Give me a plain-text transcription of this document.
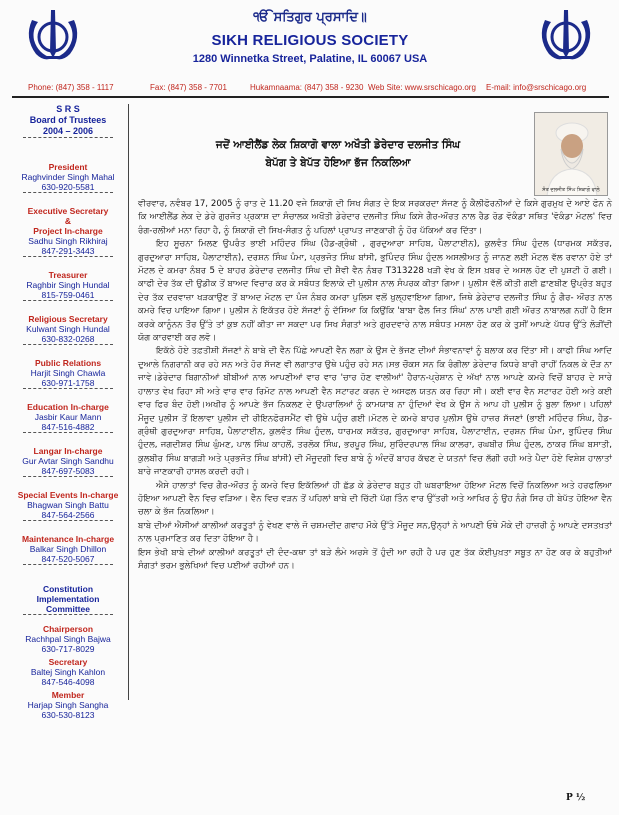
ੴ ਸਤਿਗੁਰ ਪ੍ਰਸਾਦਿ॥
SIKH RELIGIOUS SOCIETY
1280 Winnetka Street, Palatine, IL 60067 USA
Phone: (847) 358 - 1117	Fax: (847) 358 - 7701	Hukamnaama: (847) 358 - 9230 Web Site: www.srschicago.org E-mail: info@srschicago.org
S R S
Board of Trustees
2004 – 2006
President
Raghvinder Singh Mahal
630-920-5581
Executive Secretary
&
Project In-charge
Sadhu Singh Rikhiraj
847-291-3443
Treasurer
Raghbir Singh Hundal
815-759-0461
Religious Secretary
Kulwant Singh Hundal
630-832-0268
Public Relations
Harjit Singh Chawla
630-971-1758
Education In-charge
Jasbir Kaur Mann
847-516-4882
Langar In-charge
Gur Avtar Singh Sandhu
847-697-5083
Special Events In-charge
Bhagwan Singh Battu
847-564-2566
Maintenance In-charge
Balkar Singh Dhillon
847-520-5067
Constitution
Implementation
Committee
Chairperson
Rachhpal Singh Bajwa
630-717-8029
Secretary
Baltej Singh Kahlon
847-546-4098
Member
Harjap Singh Sangha
630-530-8123
ਜਦੋਂ ਆਈਲੈਂਡ ਲੇਕ ਸ਼ਿਕਾਗੋ ਵਾਲਾ ਅਖੌਤੀ ਡੇਰੇਦਾਰ ਦਲਜੀਤ ਸਿੰਘ
ਬੇਪੱਗ ਤੇ ਬੇਪੱਤ ਹੋਇਆ ਭੱਜ ਨਿਕਲਿਆ
ਸੰਤ ਦਲਜੀਤ ਸਿੰਘ ਸ਼ਿਕਾਗੋ ਵਾਲੇ

ਵੀਰਵਾਰ, ਨਵੰਬਰ 17, 2005 ਨੂੰ ਰਾਤ ਦੇ 11.20 ਵਜੇ ਸ਼ਿਕਾਗੋ ਦੀ ਸਿਖ ਸੰਗਤ ਦੇ ਇਕ ਸਰਕਰਦਾ ਸੱਜਣ ਨੂੰ ਕੈਲੀਫੋਰਨੀਆਂ ਦੇ ਕਿਸੇ ਗੁਰਮੁਖ ਦੇ ਆਏ ਫੋਨ ਨੇ ਕਿ ਆਈਲੈਂਡ ਲੇਕ ਦੇ ਡੇਰੇ ਗੁਰਜੋਤ ਪ੍ਰਕਾਸ਼ ਦਾ ਸੰਚਾਲਕ ਅਖੌਤੀ ਡੇਰੇਦਾਰ ਦਲਜੀਤ ਸਿੰਘ ਕਿਸੇ ਗੈਰ-ਔਰਤ ਨਾਲ ਰੈਡ ਰੋਡ ਵੋਕੰਡਾ ਸਥਿਤ 'ਵੋਕੰਡਾ ਮੋਟਲ' ਵਿਚ ਰੰਗ-ਰਲੀਆਂ ਮਨਾ ਰਿਹਾ ਹੈ, ਨੂੰ ਸ਼ਿਕਾਗੋ ਦੀ ਸਿਖ-ਸੰਗਤ ਨੂੰ ਪਹਿਲਾਂ ਪ੍ਰਾਪਤ ਜਾਣਕਾਰੀ ਨੂੰ ਹੋਰ ਪੱਕਿਆਂ ਕਰ ਦਿੱਤਾ।

ਇਹ ਸੂਚਨਾ ਮਿਲਣ ਉਪਰੰਤ ਭਾਈ ਮਹਿੰਦਰ ਸਿੰਘ (ਹੈਡ-ਗ੍ਰੰਥੀ , ਗੁਰਦੁਆਰਾ ਸਾਹਿਬ, ਪੈਲਾਟਾਈਨ), ਕੁਲਵੰਤ ਸਿੰਘ ਹੁੰਦਲ (ਧਾਰਮਕ ਸਕੱਤਰ, ਗੁਰਦੁਆਰਾ ਸਾਹਿਬ, ਪੈਲਾਟਾਈਨ), ਦਰਸ਼ਨ ਸਿੰਘ ਪੰਮਾ, ਪ੍ਰਭਜੋਤ ਸਿੰਘ ਬਾਂਸੀ, ਭੁਪਿੰਦਰ ਸਿੰਘ ਹੁੰਦਲ ਅਸਲੀਅਤ ਨੂੰ ਜਾਨਣ ਲਈ ਮੋਟਲ ਵੱਲ ਰਵਾਨਾ ਹੋਏ ਤਾਂ ਮੋਟਲ ਦੇ ਕਮਰਾ ਨੰਬਰ 5 ਦੇ ਬਾਹਰ ਡੇਰੇਦਾਰ ਦਲਜੀਤ ਸਿੰਘ ਦੀ ਸ਼ੈਵੀ ਵੈਨ ਨੰਬਰ T313228 ਖੜੀ ਵੇਖ ਕੇ ਇਸ ਖ਼ਬਰ ਦੇ ਅਸਲ ਹੋਣ ਦੀ ਪੁਸ਼ਟੀ ਹੋ ਗਈ।ਕਾਫੀ ਦੇਰ ਤੱਕ ਦੀ ਉਡੀਕ ਤੋਂ ਬਾਅਦ ਵਿਚਾਰ ਕਰ ਕੇ ਸਬੰਧਤ ਇਲਾਕੇ ਦੀ ਪੁਲੀਸ ਨਾਲ ਸੰਪਰਕ ਕੀਤਾ ਗਿਆ। ਪੁਲੀਸ ਵੱਲੋਂ ਕੀਤੀ ਗਈ ਛਾਣਬੀਣ ਉਪ੍ਰੰਤ ਬਹੁਤ ਦੇਰ ਤੱਕ ਦਰਵਾਜ਼ਾ ਖੜਕਾਉਣ ਤੋਂ ਬਾਅਦ ਮੋਟਲ ਦਾ ਪੰਜ ਨੰਬਰ ਕਮਰਾ ਪੁਲਿਸ ਵਲੋਂ ਖੁਲ੍ਹਵਾਇਆ ਗਿਆ, ਜਿਥੇ ਡੇਰੇਦਾਰ ਦਲਜੀਤ ਸਿੰਘ ਨੂੰ ਗੈਰ- ਔਰਤ ਨਾਲ ਕਮਰੇ ਵਿਚ ਪਾਇਆ ਗਿਆ। ਪੁਲੀਸ ਨੇ ਇਕੱਤਰ ਹੋਏ ਸੱਜਣਾਂ ਨੂੰ ਦੱਸਿਆ ਕਿ ਕਿਉਂਕਿ 'ਬਾਬਾ ਫੈਲ ਜਿਤ ਸਿੰਘ' ਨਾਲ ਪਾਈ ਗਈ ਔਰਤ ਨਾਬਾਲਗ ਨਹੀਂ ਹੈ ਇਸ ਕਰਕੇ ਕਾਨੂੰਨਨ ਤੌਰ ਉੱਤੇ ਤਾਂ ਕੁਝ ਨਹੀਂ ਕੀਤਾ ਜਾ ਸਕਦਾ ਪਰ ਸਿਖ ਸੰਗਤਾਂ ਅਤੇ ਗੁਰਦਵਾਰੇ ਨਾਲ ਸਬੰਧਤ ਮਸਲਾ ਹੋਣ ਕਰ ਕੇ ਤੁਸੀਂ ਆਪਣੇ ਪੱਧਰ ਉੱਤੇ ਲੋੜੀਂਦੀ ਯੋਗ ਕਾਰਵਾਈ ਕਰ ਲਵੋ।

ਇਕੱਠੇ ਹੋਏ ਤਫ਼ਤੀਸ਼ੀ ਸੱਜਣਾਂ ਨੇ ਬਾਬੇ ਦੀ ਵੈਨ ਪਿੱਛੇ ਆਪਣੀ ਵੈਨ ਲਗਾ ਕੇ ਉਸ ਦੇ ਭੱਜਣ ਦੀਆਂ ਸੰਭਾਵਨਾਵਾਂ ਨੂੰ ਬਲਾਕ ਕਰ ਦਿੱਤਾ ਸੀ। ਕਾਫੀ ਸਿੰਘ ਆਦਿ ਦੁਆਲੇ ਨਿਗਰਾਨੀ ਕਰ ਰਹੇ ਸਨ ਅਤੇ ਹੋਰ ਸੱਜਣ ਵੀ ਲਗਾਤਾਰ ਉਥੇ ਪਹੁੰਚ ਰਹੇ ਸਨ।ਸਭ ਚੌਕਸ ਸਨ ਕਿ ਰੰਗੀਲਾ ਡੇਰੇਦਾਰ ਕਿਧਰੇ ਬਾਰੀ ਰਾਹੀਂ ਨਿਕਲ ਕੇ ਦੌੜ ਨਾ ਜਾਵੇ।ਡੇਰੇਦਾਰ ਬਿਗਾਨੀਆਂ ਬੀਬੀਆਂ ਨਾਲ ਆਪਣੀਆਂ ਵਾਰ ਵਾਰ 'ਚਾਰ ਹੋਣ ਵਾਲੀਆਂ' ਹੈਰਾਨ-ਪ੍ਰੇਸ਼ਾਨ ਦੇ ਅੱਖਾਂ ਨਾਲ ਆਪਣੇ ਕਮਰੇ ਵਿਚੋਂ ਬਾਹਰ ਦੇ ਸਾਰੇ ਹਾਲਾਤ ਵੇਖ ਰਿਹਾ ਸੀ ਅਤੇ ਵਾਰ ਵਾਰ ਰਿਮੋਟ ਨਾਲ ਆਪਣੀ ਵੈਨ ਸਟਾਰਟ ਕਰਨ ਦੇ ਅਸਫਲ ਯਤਨ ਕਰ ਰਿਹਾ ਸੀ। ਕਈ ਵਾਰ ਵੈਨ ਸਟਾਰਟ ਹੋਈ ਅਤੇ ਕਈ ਵਾਰ ਫਿਰ ਬੰਦ ਹੋਈ।ਅਖੀਰ ਨੂੰ ਆਪਣੇ ਭੱਜ ਨਿਕਲਣ ਦੇ ਉਪਰਾਲਿਆਂ ਨੂੰ ਕਾਮਯਾਬ ਨਾ ਹੁੰਦਿਆਂ ਵੇਖ ਕੇ ਉਸ ਨੇ ਆਪ ਹੀ ਪੁਲੀਸ ਨੂੰ ਬੁਲਾ ਲਿਆ। ਪਹਿਲਾਂ ਮੌਜੂਦ ਪੁਲੀਸ ਤੋਂ ਇਲਾਵਾ ਪੁਲੀਸ ਦੀ ਰੀਇਨਫੋਰਸਮੈਂਟ ਵੀ ਉਥੇ ਪਹੁੰਚ ਗਈ।ਮੋਟਲ ਦੇ ਕਮਰੇ ਬਾਹਰ ਪੁਲੀਸ ਉਥੇ ਹਾਜ਼ਰ ਸੱਜਣਾਂ (ਭਾਈ ਮਹਿੰਦਰ ਸਿੰਘ, ਹੈਡ-ਗ੍ਰੰਥੀ ਗੁਰਦੁਆਰਾ ਸਾਹਿਬ, ਪੈਲਾਟਾਈਨ, ਕੁਲਵੰਤ ਸਿੰਘ ਹੁੰਦਲ, ਧਾਰਮਕ ਸਕੱਤਰ, ਗੁਰਦੁਆਰਾ ਸਾਹਿਬ, ਪੈਲਾਟਾਈਨ, ਦਰਸ਼ਨ ਸਿੰਘ ਪੰਮਾ, ਭੁਪਿੰਦਰ ਸਿੰਘ ਹੁੰਦਲ, ਜਗਦੀਸ਼ਰ ਸਿੰਘ ਘੁੰਮਣ, ਪਾਲ ਸਿੰਘ ਕਾਹਲੋਂ, ਤਰਲੋਕ ਸਿੰਘ, ਭਰਪੂਰ ਸਿੰਘ, ਸੁਰਿੰਦਰਪਾਲ ਸਿੰਘ ਕਾਲਰਾ, ਰਘਬੀਰ ਸਿੰਘ ਹੁੰਦਲ, ਠਾਕਰ ਸਿੰਘ ਬਸਾਤੀ, ਕੁਲਬੀਰ ਸਿੰਘ ਬਾਗੜੀ ਅਤੇ ਪ੍ਰਭਜੋਤ ਸਿੰਘ ਬਾਂਸੀ) ਦੀ ਮੌਜੂਦਗੀ ਵਿਚ ਬਾਬੇ ਨੂੰ ਅੰਦਰੋਂ ਬਾਹਰ ਕੱਢਣ ਦੇ ਯਤਨਾਂ ਵਿਚ ਲੱਗੀ ਰਹੀ ਅਤੇ ਪੈਦਾ ਹੋਏ ਵਿਸ਼ੇਸ਼ ਹਾਲਾਤਾਂ ਬਾਰੇ ਜਾਣਕਾਰੀ ਹਾਸਲ ਕਰਦੀ ਰਹੀ।

ਐਸੇ ਹਾਲਾਤਾਂ ਵਿਚ ਗੈਰ-ਔਰਤ ਨੂੰ ਕਮਰੇ ਵਿਚ ਇਕੱਲਿਆਂ ਹੀ ਛੱਡ ਕੇ ਡੇਰੇਦਾਰ ਬਹੁਤ ਹੀ ਘਬਰਾਇਆ ਹੋਇਆ ਮੋਟਲ ਵਿਚੋਂ ਨਿਕਲਿਆ ਅਤੇ ਹਰਫਲਿਆ ਹੋਇਆ ਆਪਣੀ ਵੈਨ ਵਿਚ ਵੜਿਆ। ਵੈਨ ਵਿਚ ਵੜਨ ਤੋਂ ਪਹਿਲਾਂ ਬਾਬੇ ਦੀ ਚਿੱਟੀ ਪੱਗ ਤਿੰਨ ਵਾਰ ਉੱਤਰੀ ਅਤੇ ਆਖਿਰ ਨੂੰ ਉਹ ਨੰਗੇ ਸਿਰ ਹੀ ਬੇਪੱਤ ਹੋਇਆ ਵੈਨ ਚਲਾ ਕੇ ਭੱਜ ਨਿਕਲਿਆ।

ਬਾਬੇ ਦੀਆਂ ਐਸੀਆਂ ਕਾਲੀਆਂ ਕਰਤੂਤਾਂ ਨੂੰ ਵੇਖਣ ਵਾਲੇ ਜੋ ਚਸ਼ਮਦੀਦ ਗਵਾਹ ਮੌਕੇ ਉੱਤੇ ਮੌਜੂਦ ਸਨ,ਉਨ੍ਹਾਂ ਨੇ ਆਪਣੀ ਓਥੇ ਮੌਕੇ ਦੀ ਹਾਜ਼ਰੀ ਨੂੰ ਆਪਣੇ ਦਸਤਖ਼ਤਾਂ ਨਾਲ ਪ੍ਰਮਾਣਿਤ ਕਰ ਦਿਤਾ ਹੋਇਆ ਹੈ।

ਇਸ ਭੇਖੀ ਬਾਬੇ ਦੀਆਂ ਕਾਲੀਆਂ ਕਰਤੂਤਾਂ ਦੀ ਦੰਦ-ਕਥਾ ਤਾਂ ਬੜੇ ਲੰਮੇ ਅਰਸੇ ਤੋਂ ਹੁੰਦੀ ਆ ਰਹੀ ਹੈ ਪਰ ਹੁਣ ਤੱਕ ਕੋਈਪੁਖ਼ਤਾ ਸਬੂਤ ਨਾ ਹੋਣ ਕਰ ਕੇ ਬਹੁਤੀਆਂ ਸੰਗਤਾਂ ਭਰਮ ਭੁਲੇਖਿਆਂ ਵਿਚ ਪਈਆਂ ਰਹੀਆਂ ਹਨ।

P ½
